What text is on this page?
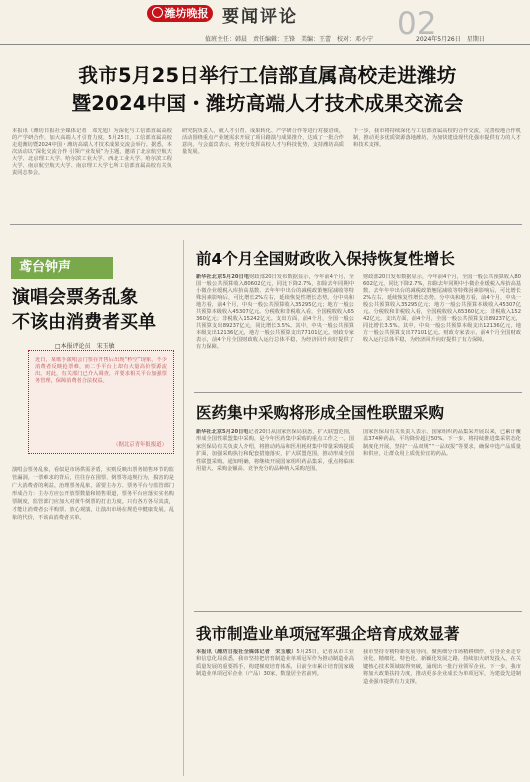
潍坊晚报 要闻评论	02
值班主任：韩晨　责任编辑：王锋　美编：王蕾　校对：邓小宁	2024年5月26日　星期日
我市5月25日举行工信部直属高校走进潍坊
暨2024中国・潍坊高端人才技术成果交流会
本报讯（潍坊日报社全媒体记者　邓先旭）为深化与工信部直属高校的产学研合作，加大高端人才引育力度，5月25日，工信部直属高校走进潍坊暨2024中国・潍坊高端人才技术成果交流会举行。据悉，本次活动以“深化交流合作 引领产业发展”为主题，邀请了北京航空航天大学、北京理工大学、哈尔滨工业大学、西北工业大学、哈尔滨工程大学、南京航空航天大学、南京理工大学七所工信部直属高校有关负责同志参会。
研究院负责人，就人才引育、成果转化、产学研合作等进行对接洽谈。活动围绕重点产业链需求开展了项目路演与成果推介，达成了一批合作意向。与会嘉宾表示，将充分发挥高校人才与科技优势，支持潍坊高质量发展。
下一步，我市将持续深化与工信部直属高校的合作交流，完善校地合作机制，推动更多优质资源落地潍坊，为加快建设现代化强市提供有力的人才和技术支撑。
鸢台钟声
演唱会票务乱象
不该由消费者买单
□本报评论员　宋玉敏
近日，某歌手演唱会门票在开售后出现“秒空”现象，不少消费者反映抢票难，而二手平台上却有大量高价票源流出。对此，有关部门已介入调查，并要求相关平台加强票务管理，保障消费者合法权益。
（据北京青年报报道）
演唱会票务乱象，看似是市场供需矛盾，实则反映出票务销售环节的监管漏洞。一票难求的背后，往往存在囤票、倒票等违规行为，损害的是广大消费者的利益。治理票务乱象，需要主办方、票务平台与监管部门形成合力：主办方应公开放票数量和销售渠道，票务平台应落实实名购票制度，监管部门应加大对黄牛倒票的打击力度。只有各方各尽其责，才能让消费者公平购票、放心观演，让演出市场在规范中健康发展。乱象的代价，不该由消费者买单。
前4个月全国财政收入保持恢复性增长
新华社北京5月20日电财政部20日发布数据显示，今年前4个月，全国一般公共预算收入80602亿元，同比下降2.7%，扣除去年同期中小微企业缓税入库抬高基数、去年年中出台的减税政策翘尾减收等特殊因素影响后，可比增长2%左右，延续恢复性增长态势。分中央和地方看，前4个月，中央一般公共预算收入35295亿元；地方一般公共预算本级收入45307亿元。分税收和非税收入看，全国税收收入65360亿元；非税收入15242亿元。支出方面，前4个月，全国一般公共预算支出89237亿元，同比增长3.5%。其中，中央一般公共预算本级支出12136亿元，地方一般公共预算支出77101亿元。财政专家表示，前4个月全国财政收入运行总体平稳，为经济回升向好提供了有力保障。
财政部20日发布数据显示，今年前4个月，全国一般公共预算收入80602亿元，同比下降2.7%，扣除去年同期中小微企业缓税入库抬高基数、去年年中出台的减税政策翘尾减收等特殊因素影响后，可比增长2%左右，延续恢复性增长态势。分中央和地方看，前4个月，中央一般公共预算收入35295亿元；地方一般公共预算本级收入45307亿元。分税收和非税收入看，全国税收收入65360亿元；非税收入15242亿元。支出方面，前4个月，全国一般公共预算支出89237亿元，同比增长3.5%。其中，中央一般公共预算本级支出12136亿元，地方一般公共预算支出77101亿元。财政专家表示，前4个月全国财政收入运行总体平稳，为经济回升向好提供了有力保障。
医药集中采购将形成全国性联盟采购
新华社北京5月20日电记者20日从国家医保局获悉，扩大联盟范围，形成全国性联盟集中采购，是今年医药集中采购的重点工作之一。国家医保局有关负责人介绍，将推动药品和医用耗材集中带量采购提质扩面，加强采购执行和配套措施落实，扩大联盟范围，推动形成全国性联盟采购。通知明确，将继续开展国家组织药品集采，重点将临床用量大、采购金额高、竞争充分的品种纳入采购范围。
国家医保局有关负责人表示，国家组织药品集采开展以来，已累计覆盖374种药品，平均降价超过50%。下一步，将持续推进集采常态化制度化开展，坚持“一品双规”“一品双报”等要求，确保中选产品质量和供应，让群众用上质优价宜的药品。
我市制造业单项冠军强企培育成效显著
本报讯（潍坊日报社全媒体记者　宋玉敏）5月25日，记者从市工业和信息化局获悉，我市坚持把培育制造业单项冠军作为推动制造业高质量发展的重要抓手，构建梯度培育体系，目前全市累计培育国家级制造业单项冠军企业（产品）30家，数量居全省前列。
我市坚持专精特新发展导向，聚焦细分市场精耕细作，引导企业走专业化、精细化、特色化、新颖化发展之路，持续加大研发投入，在关键核心技术领域取得突破，涌现出一批行业领军企业。下一步，我市将加大政策扶持力度，推动更多企业成长为单项冠军，为建设先进制造业强市提供有力支撑。
